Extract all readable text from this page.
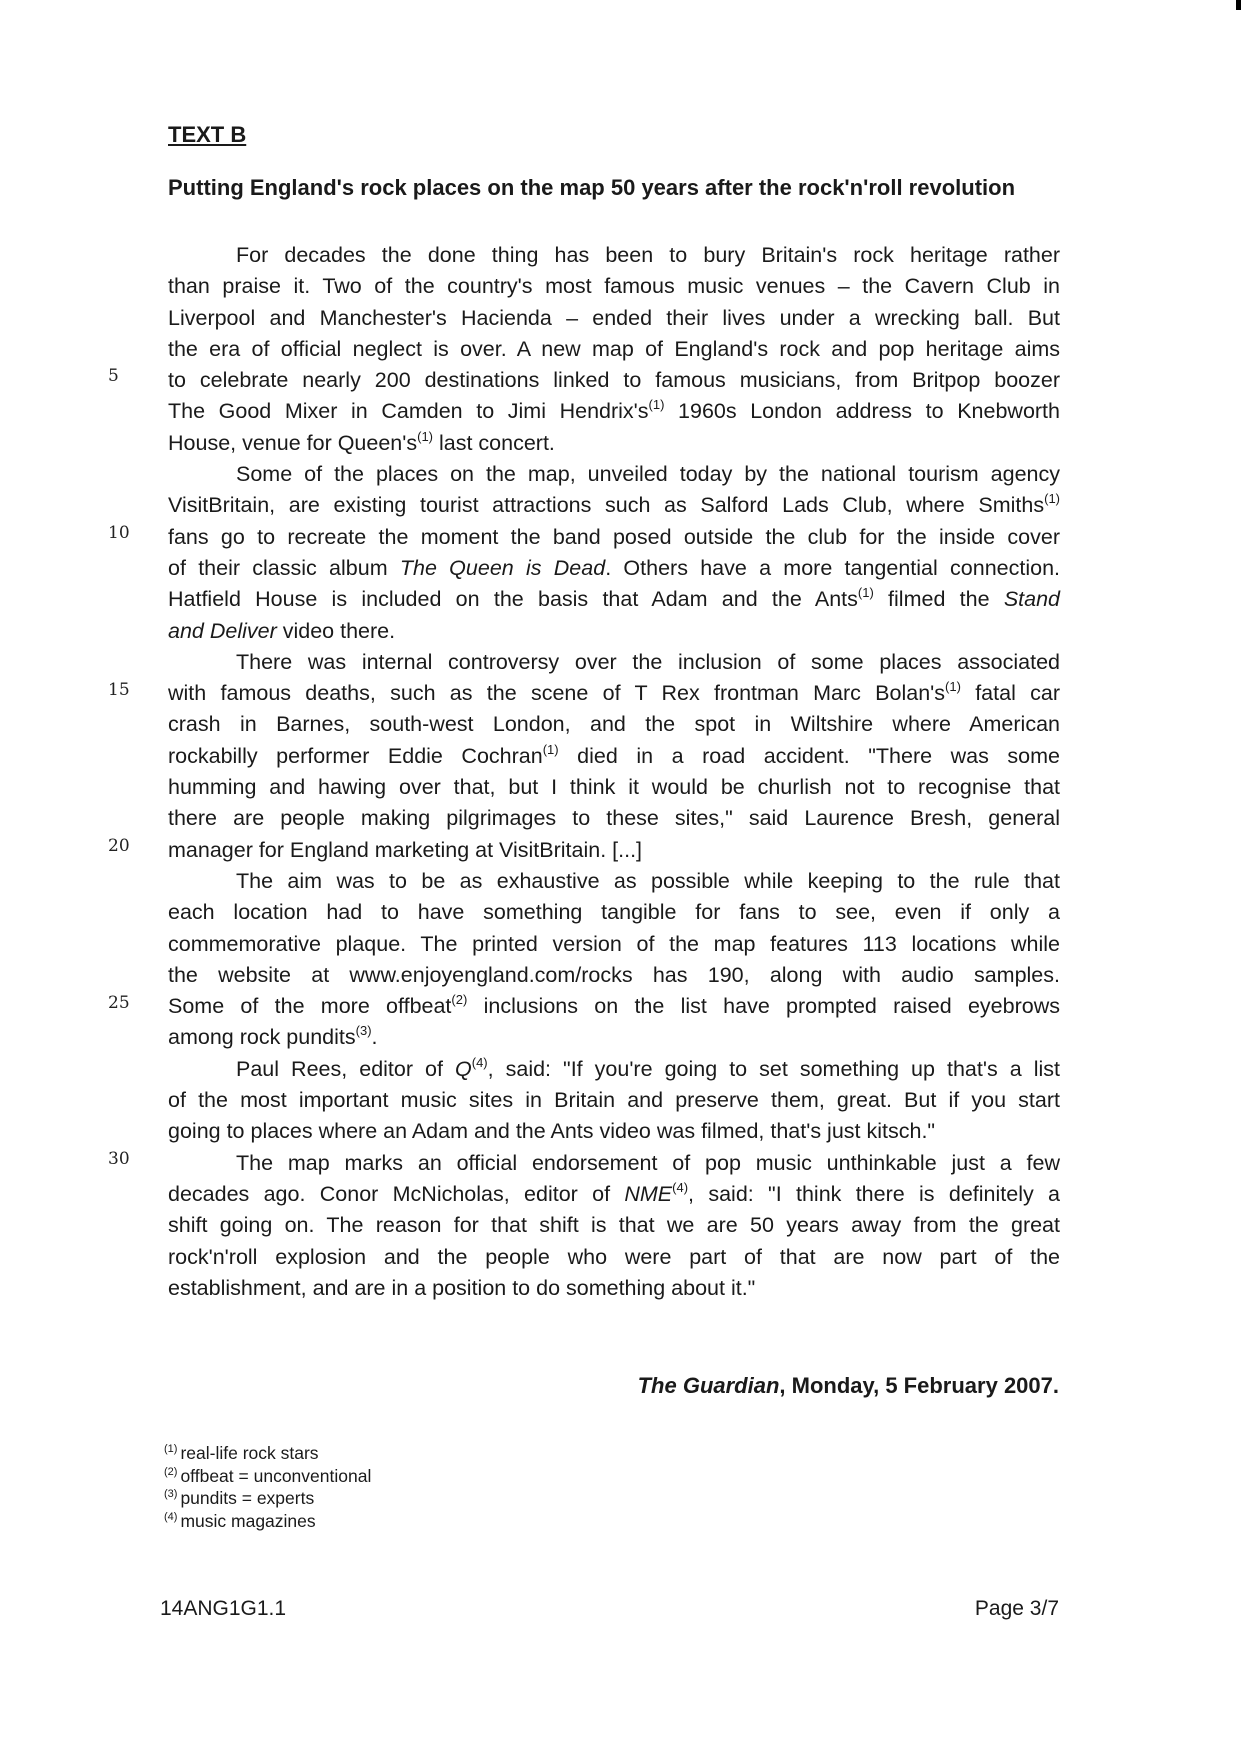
TEXT B
Putting England's rock places on the map 50 years after the rock'n'roll revolution
For decades the done thing has been to bury Britain's rock heritage rather
than praise it. Two of the country's most famous music venues – the Cavern Club in
Liverpool and Manchester's Hacienda – ended their lives under a wrecking ball. But
the era of official neglect is over. A new map of England's rock and pop heritage aims
to celebrate nearly 200 destinations linked to famous musicians, from Britpop boozer
The Good Mixer in Camden to Jimi $Hendrix's^{(1)}$ 1960s London address to Knebworth
House, venue for $Queen's^{(1)}$ last concert.
Some of the places on the map, unveiled today by the national tourism agency
VisitBritain, are existing tourist attractions such as Salford Lads Club, where Smiths$^{(1)}$
fans go to recreate the moment the band posed outside the club for the inside cover
of their classic album The Queen is Dead. Others have a more tangential connection.
Hatfield House is included on the basis that Adam and the Ants$^{(1)}$ filmed the Stand
and Deliver video there.
There was internal controversy over the inclusion of some places associated
with famous deaths, such as the scene of T Rex frontman Marc $Bolan's^{(1)}$ fatal car
crash in Barnes, south-west London, and the spot in Wiltshire where American
rockabilly performer Eddie Cochran$^{(1)}$ died in a road accident. "There was some
humming and hawing over that, but I think it would be churlish not to recognise that
there are people making pilgrimages to these sites," said Laurence Bresh, general
manager for England marketing at VisitBritain. [...]
The aim was to be as exhaustive as possible while keeping to the rule that
each location had to have something tangible for fans to see, even if only a
commemorative plaque. The printed version of the map features 113 locations while
the website at www.enjoyengland.com/rocks has 190, along with audio samples.
Some of the more offbeat$^{(2)}$ inclusions on the list have prompted raised eyebrows
among rock pundits$^{(3)}$.
Paul Rees, editor of $Q^{(4)}$, said: "If you're going to set something up that's a list
of the most important music sites in Britain and preserve them, great. But if you start
going to places where an Adam and the Ants video was filmed, that's just kitsch."
The map marks an official endorsement of pop music unthinkable just a few
decades ago. Conor McNicholas, editor of NME$^{(4)}$, said: "I think there is definitely a
shift going on. The reason for that shift is that we are 50 years away from the great
rock'n'roll explosion and the people who were part of that are now part of the
establishment, and are in a position to do something about it."
5
10
15
20
25
30
The Guardian, Monday, 5 February 2007.
$^{(1)}$ real-life rock stars
$^{(2)}$ offbeat = unconventional
$^{(3)}$ pundits = experts
$^{(4)}$ music magazines
14ANG1G1.1	Page 3/7
